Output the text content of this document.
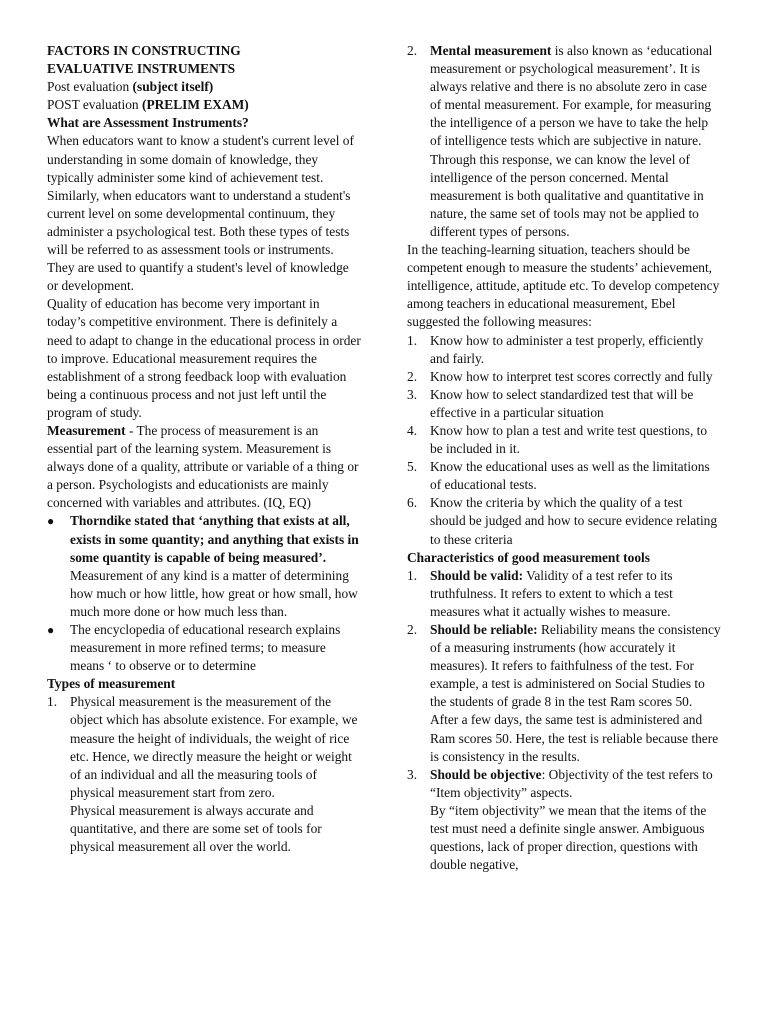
FACTORS IN CONSTRUCTING
EVALUATIVE INSTRUMENTS

Post evaluation (subject itself)

POST evaluation (PRELIM EXAM)

What are Assessment Instruments?

When educators want to know a student's current level of understanding in some domain of knowledge, they typically administer some kind of achievement test.

Similarly, when educators want to understand a student's current level on some developmental continuum, they administer a psychological test. Both these types of tests will be referred to as assessment tools or instruments. They are used to quantify a student's level of knowledge or development.

Quality of education has become very important in today’s competitive environment. There is definitely a need to adapt to change in the educational process in order to improve. Educational measurement requires the establishment of a strong feedback loop with evaluation being a continuous process and not just left until the program of study.

Measurement - The process of measurement is an essential part of the learning system. Measurement is always done of a quality, attribute or variable of a thing or a person. Psychologists and educationists are mainly concerned with variables and attributes. (IQ, EQ)

● Thorndike stated that ‘anything that exists at all, exists in some quantity; and anything that exists in some quantity is capable of being measured’. Measurement of any kind is a matter of determining how much or how little, how great or how small, how much more done or how much less than.
● The encyclopedia of educational research explains measurement in more refined terms; to measure means ‘ to observe or to determine
Types of measurement
1. Physical measurement is the measurement of the object which has absolute existence. For example, we measure the height of individuals, the weight of rice etc. Hence, we directly measure the height or weight of an individual and all the measuring tools of physical measurement start from zero.

Physical measurement is always accurate and quantitative, and there are some set of tools for physical measurement all over the world.

2. Mental measurement is also known as ‘educational measurement or psychological measurement’. It is always relative and there is no absolute zero in case of mental measurement. For example, for measuring the intelligence of a person we have to take the help of intelligence tests which are subjective in nature. Through this response, we can know the level of intelligence of the person concerned. Mental measurement is both qualitative and quantitative in nature, the same set of tools may not be applied to different types of persons.

In the teaching-learning situation, teachers should be competent enough to measure the students’ achievement, intelligence, attitude, aptitude etc. To develop competency among teachers in educational measurement, Ebel suggested the following measures:

1. Know how to administer a test properly, efficiently and fairly.
2. Know how to interpret test scores correctly and fully
3. Know how to select standardized test that will be effective in a particular situation
4. Know how to plan a test and write test questions, to be included in it.
5. Know the educational uses as well as the limitations of educational tests.
6. Know the criteria by which the quality of a test should be judged and how to secure evidence relating to these criteria
Characteristics of good measurement tools
1. Should be valid: Validity of a test refer to its truthfulness. It refers to extent to which a test measures what it actually wishes to measure.
2. Should be reliable: Reliability means the consistency of a measuring instruments (how accurately it measures). It refers to faithfulness of the test. For example, a test is administered on Social Studies to the students of grade 8 in the test Ram scores 50. After a few days, the same test is administered and Ram scores 50. Here, the test is reliable because there is consistency in the results.
3. Should be objective: Objectivity of the test refers to “Item objectivity” aspects.

By “item objectivity” we mean that the items of the test must need a definite single answer. Ambiguous questions, lack of proper direction, questions with double negative,
